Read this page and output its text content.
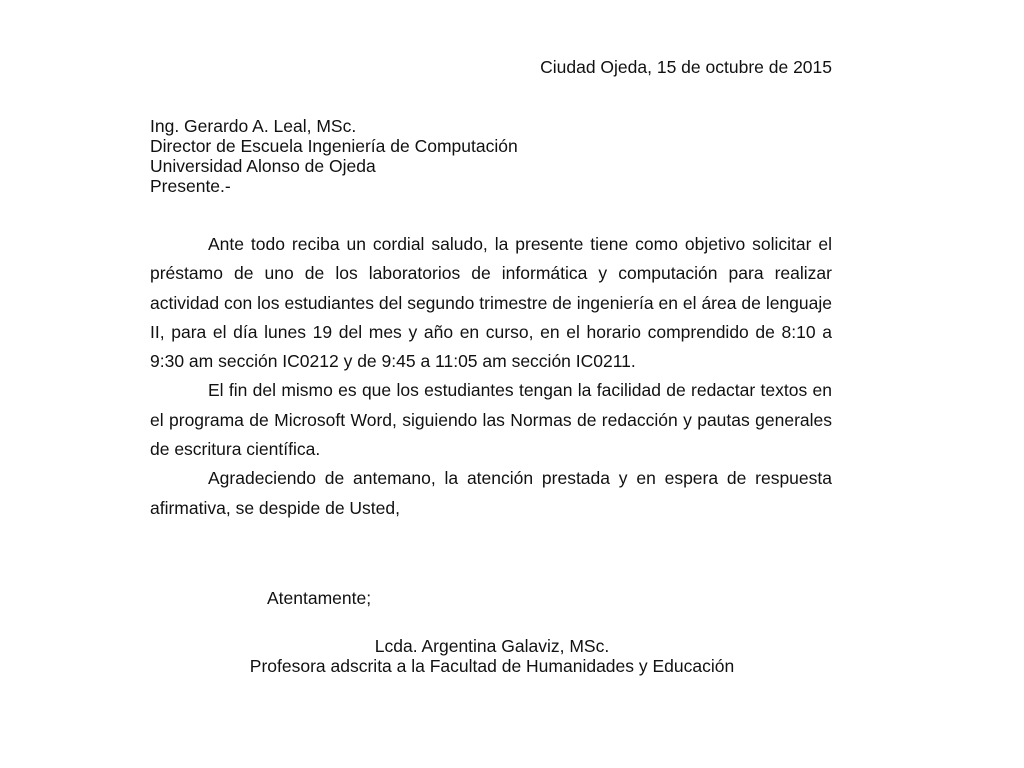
Ciudad Ojeda, 15 de octubre de 2015
Ing. Gerardo A. Leal, MSc.
Director de Escuela Ingeniería de Computación
Universidad Alonso de Ojeda
Presente.-

Ante todo reciba un cordial saludo, la presente tiene como objetivo solicitar el préstamo de uno de los laboratorios de informática y computación para realizar actividad con los estudiantes del segundo trimestre de ingeniería en el área de lenguaje II, para el día lunes 19 del mes y año en curso, en el horario comprendido de 8:10 a 9:30 am sección IC0212 y de 9:45 a 11:05 am sección IC0211.

El fin del mismo es que los estudiantes tengan la facilidad de redactar textos en el programa de Microsoft Word, siguiendo las Normas de redacción y pautas generales de escritura científica.

Agradeciendo de antemano, la atención prestada y en espera de respuesta afirmativa, se despide de Usted,

Atentamente;
Lcda. Argentina Galaviz, MSc.
Profesora adscrita a la Facultad de Humanidades y Educación
